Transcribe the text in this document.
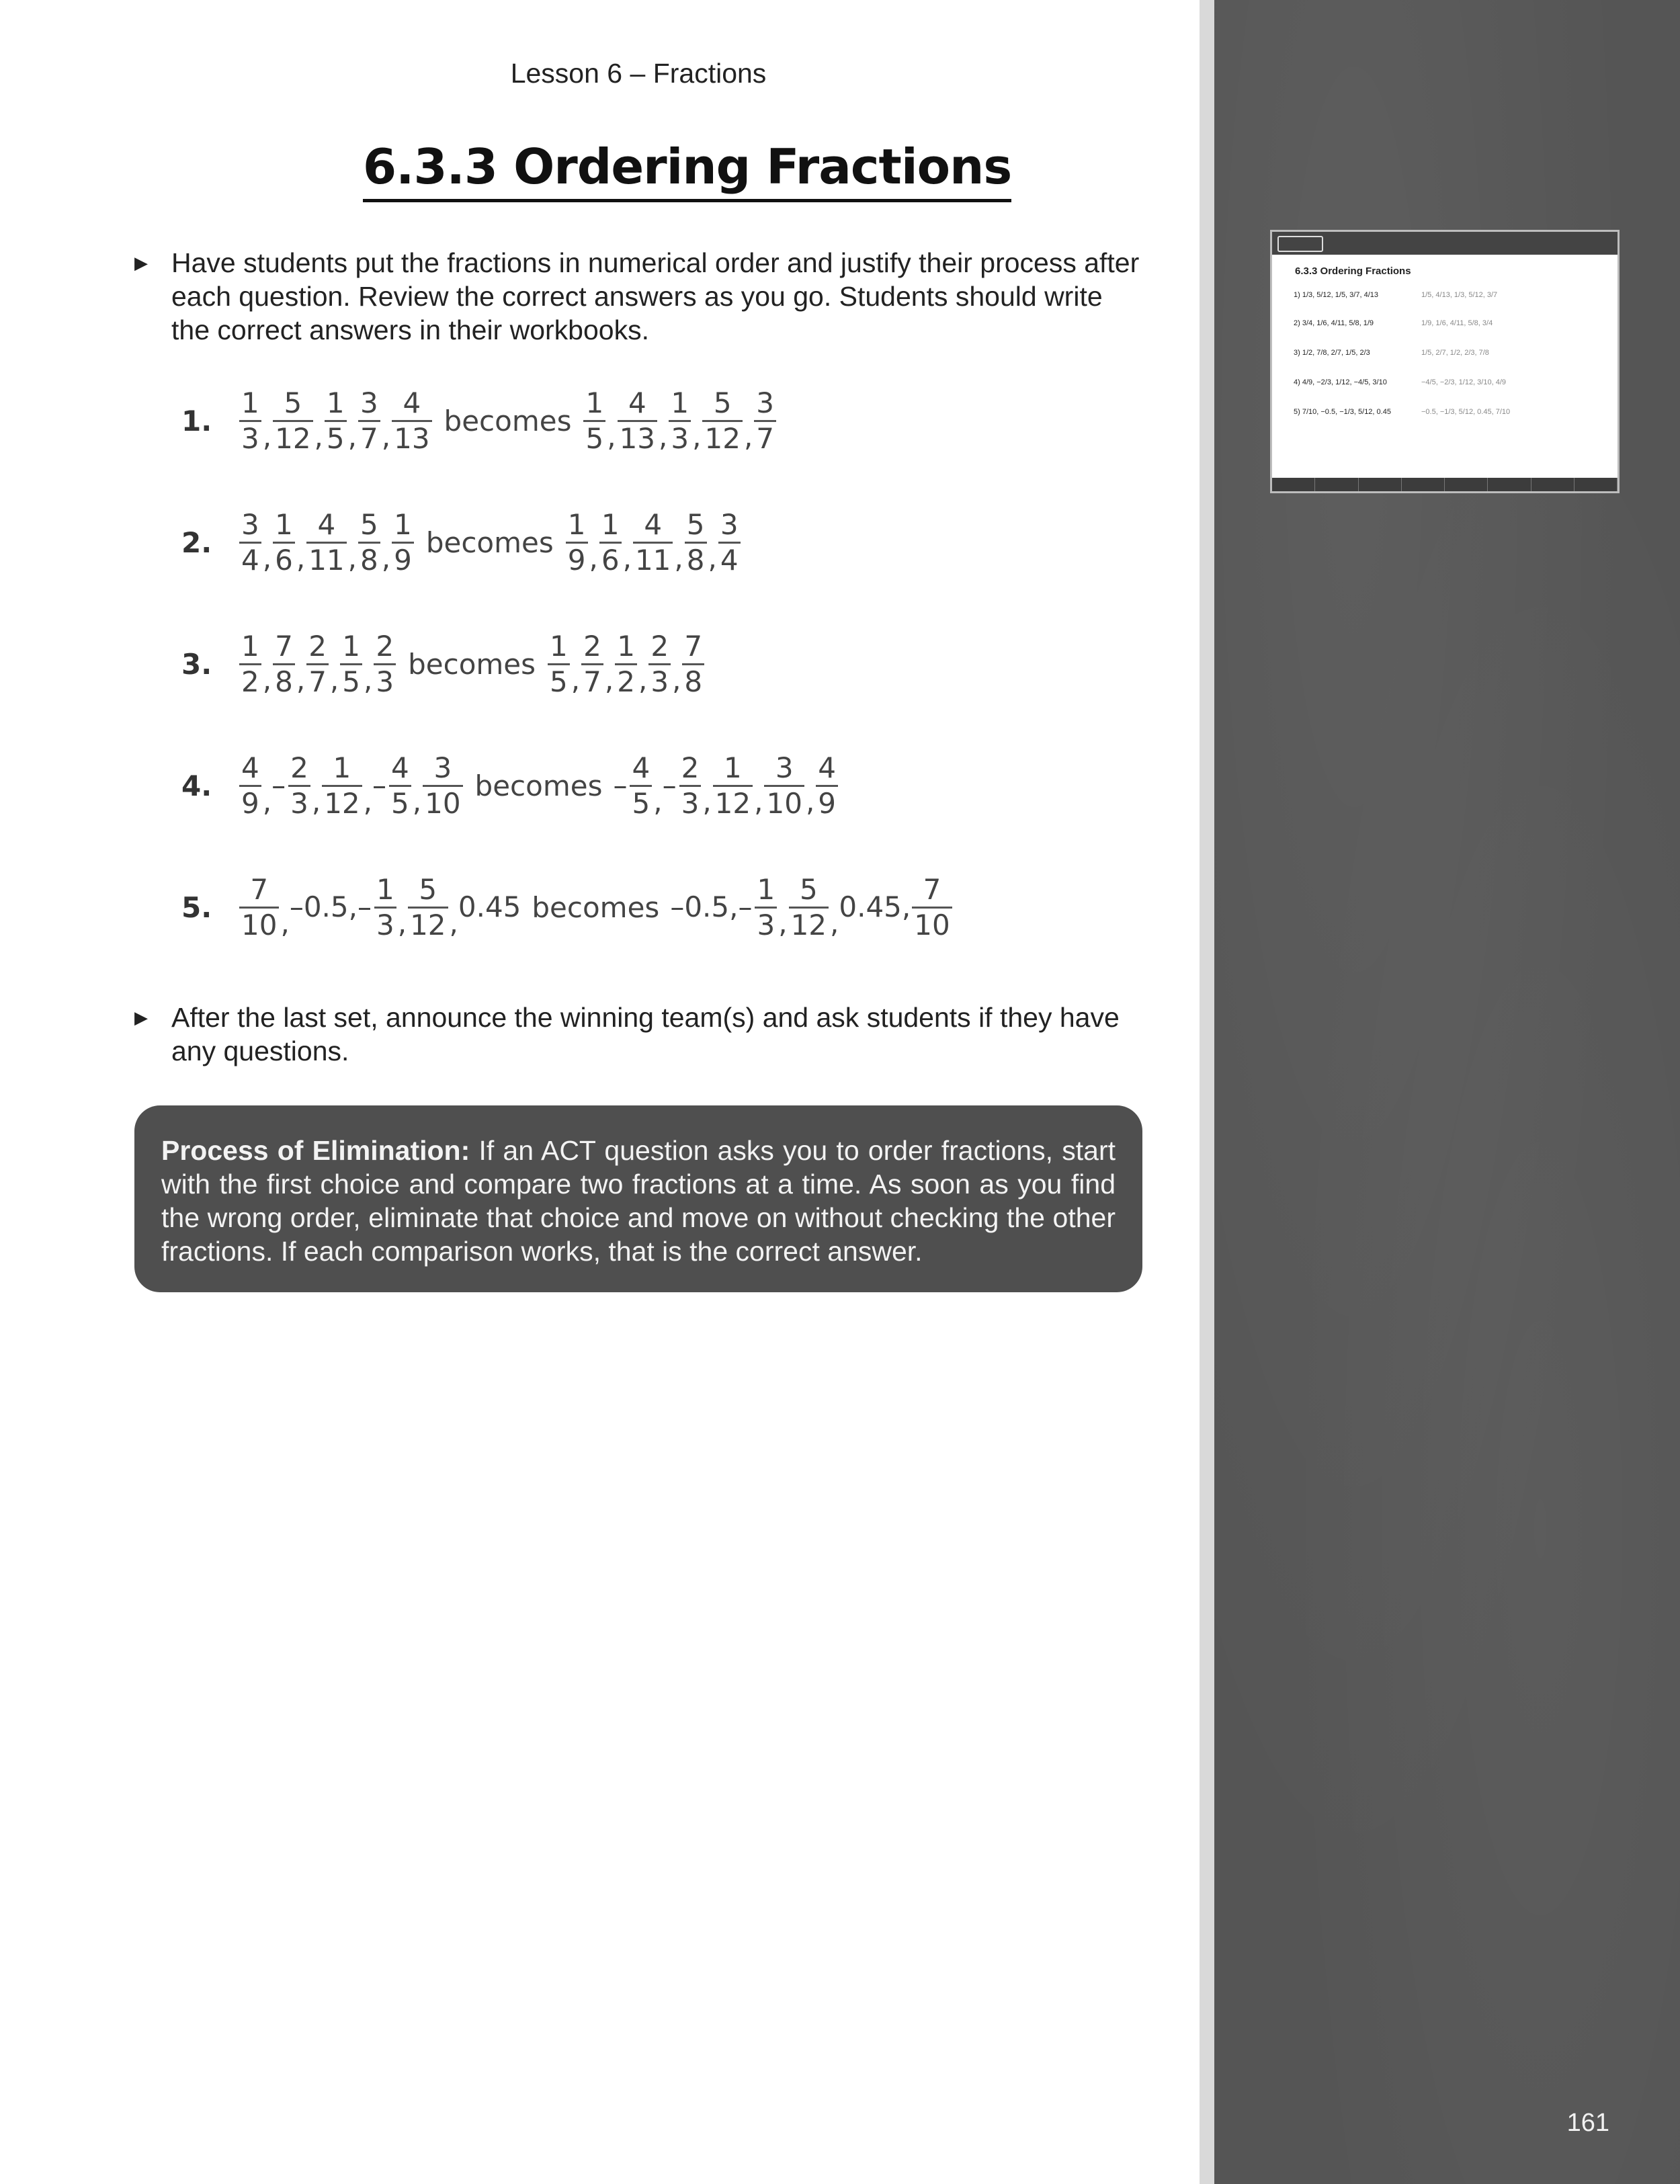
Lesson 6 – Fractions
6.3.3 Ordering Fractions
▶ Have students put the fractions in numerical order and justify their process after each question. Review the correct answers as you go. Students should write the correct answers in their workbooks.
1. $\frac{1}{3}$ , $\frac{5}{12}$ , $\frac{1}{5}$ , $\frac{3}{7}$ , $\frac{4}{13}$ becomes $\frac{1}{5}$ , $\frac{4}{13}$ , $\frac{1}{3}$ , $\frac{5}{12}$ , $\frac{3}{7}$
2. $\frac{3}{4}$ , $\frac{1}{6}$ , $\frac{4}{11}$ , $\frac{5}{8}$ , $\frac{1}{9}$ becomes $\frac{1}{9}$ , $\frac{1}{6}$ , $\frac{4}{11}$ , $\frac{5}{8}$ , $\frac{3}{4}$
3. $\frac{1}{2}$ , $\frac{7}{8}$ , $\frac{2}{7}$ , $\frac{1}{5}$ , $\frac{2}{3}$ becomes $\frac{1}{5}$ , $\frac{2}{7}$ , $\frac{1}{2}$ , $\frac{2}{3}$ , $\frac{7}{8}$
4. $\frac{4}{9}$ , – $\frac{2}{3}$ , $\frac{1}{12}$ , – $\frac{4}{5}$ , $\frac{3}{10}$ becomes – $\frac{4}{5}$ , – $\frac{2}{3}$ , $\frac{1}{12}$ , $\frac{3}{10}$ , $\frac{4}{9}$
5. $\frac{7}{10}$ , –0.5 , – $\frac{1}{3}$ , $\frac{5}{12}$ , 0.45 becomes –0.5 , – $\frac{1}{3}$ , $\frac{5}{12}$ , 0.45 , $\frac{7}{10}$
▶ After the last set, announce the winning team(s) and ask students if they have any questions.
Process of Elimination: If an ACT question asks you to order fractions, start with the first choice and compare two fractions at a time. As soon as you find the wrong order, eliminate that choice and move on without checking the other fractions. If each comparison works, that is the correct answer.
6.3.3 Ordering Fractions
1) 1/3, 5/12, 1/5, 3/7, 4/13	1/5, 4/13, 1/3, 5/12, 3/7
2) 3/4, 1/6, 4/11, 5/8, 1/9	1/9, 1/6, 4/11, 5/8, 3/4
3) 1/2, 7/8, 2/7, 1/5, 2/3	1/5, 2/7, 1/2, 2/3, 7/8
4) 4/9, −2/3, 1/12, −4/5, 3/10	−4/5, −2/3, 1/12, 3/10, 4/9
5) 7/10, −0.5, −1/3, 5/12, 0.45	−0.5, −1/3, 5/12, 0.45, 7/10
161
